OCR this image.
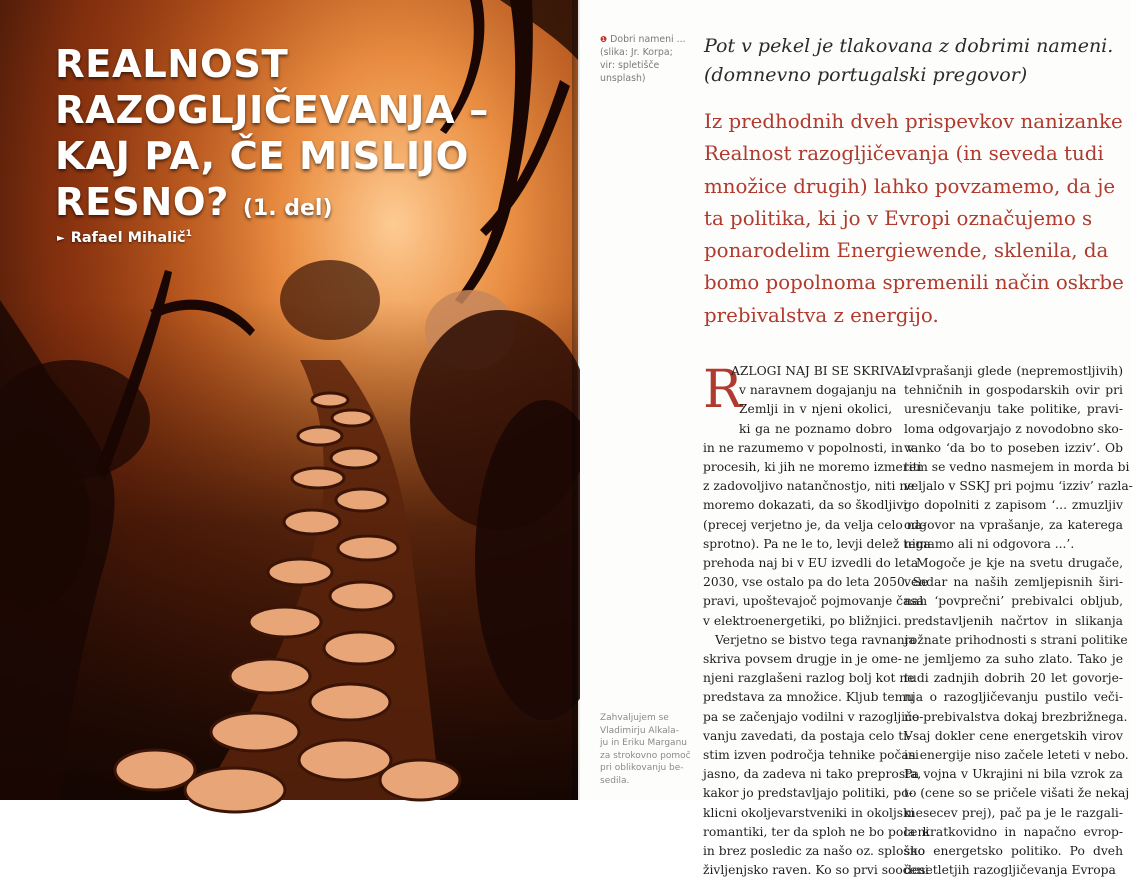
REALNOST
RAZOGLJIČEVANJA –
KAJ PA, ČE MISLIJO
RESNO? (1. del)
► Rafael Mihalič$^1$
❶ Dobri nameni ...
(slika: Jr. Korpa;
vir: spletišče
unsplash)
Pot v pekel je tlakovana z dobrimi nameni.
(domnevno portugalski pregovor)

Iz predhodnih dveh prispevkov nanizanke Realnost razogljičevanja (in seveda tudi množice drugih) lahko povzamemo, da je ta politika, ki jo v Evropi označujemo s ponarodelim Energiewende, sklenila, da bomo popolnoma spremenili način oskrbe prebivalstva z energijo.

R
AZLOGI NAJ BI SE SKRIVALI
v naravnem dogajanju na
Zemlji in v njeni okolici,
ki ga ne poznamo dobro
in ne razumemo v popolnosti, in v
procesih, ki jih ne moremo izmeriti
z zadovoljivo natančnostjo, niti ne
moremo dokazati, da so škodljivi
(precej verjetno je, da velja celo na-
sprotno). Pa ne le to, levji delež tega
prehoda naj bi v EU izvedli do leta
2030, vse ostalo pa do leta 2050. Se
pravi, upoštevajoč pojmovanje časa
v elektroenergetiki, po bližnjici.
Verjetno se bistvo tega ravnanja
skriva povsem drugje in je ome-
njeni razglašeni razlog bolj kot ne
predstava za množice. Kljub temu
pa se začenjajo vodilni v razogljiče-
vanju zavedati, da postaja celo ti-
stim izven področja tehnike počasi
jasno, da zadeva ni tako preprosta,
kakor jo predstavljajo politiki, po-
klicni okoljevarstveniki in okoljski
romantiki, ter da sploh ne bo poceni
in brez posledic za našo oz. splošno
življenjsko raven. Ko so prvi soočeni
z vprašanji glede (nepremostljivih)
tehničnih in gospodarskih ovir pri
uresničevanju take politike, pravi-
loma odgovarjajo z novodobno sko-
vanko ‘da bo to poseben izziv’. Ob
tem se vedno nasmejem in morda bi
veljalo v SSKJ pri pojmu ‘izziv’ razla-
go dopolniti z zapisom ‘... zmuzljiv
odgovor na vprašanje, za katerega
nimamo ali ni odgovora ...’.
Mogoče je kje na svetu drugače,
vendar na naših zemljepisnih širi-
nah ‘povprečni’ prebivalci obljub,
predstavljenih načrtov in slikanja
rožnate prihodnosti s strani politike
ne jemljemo za suho zlato. Tako je
tudi zadnjih dobrih 20 let govorje-
nja o razogljičevanju pustilo veči-
no prebivalstva dokaj brezbrižnega.
Vsaj dokler cene energetskih virov
in energije niso začele leteti v nebo.
Pa vojna v Ukrajini ni bila vzrok za
to (cene so se pričele višati že nekaj
mesecev prej), pač pa je le razgali-
la kratkovidno in napačno evrop-
sko energetsko politiko. Po dveh
desetletjih razogljičevanja Evropa
Zahvaljujem se
Vladimirju Alkala-
ju in Eriku Marganu
za strokovno pomoč
pri oblikovanju be-
sedila.
